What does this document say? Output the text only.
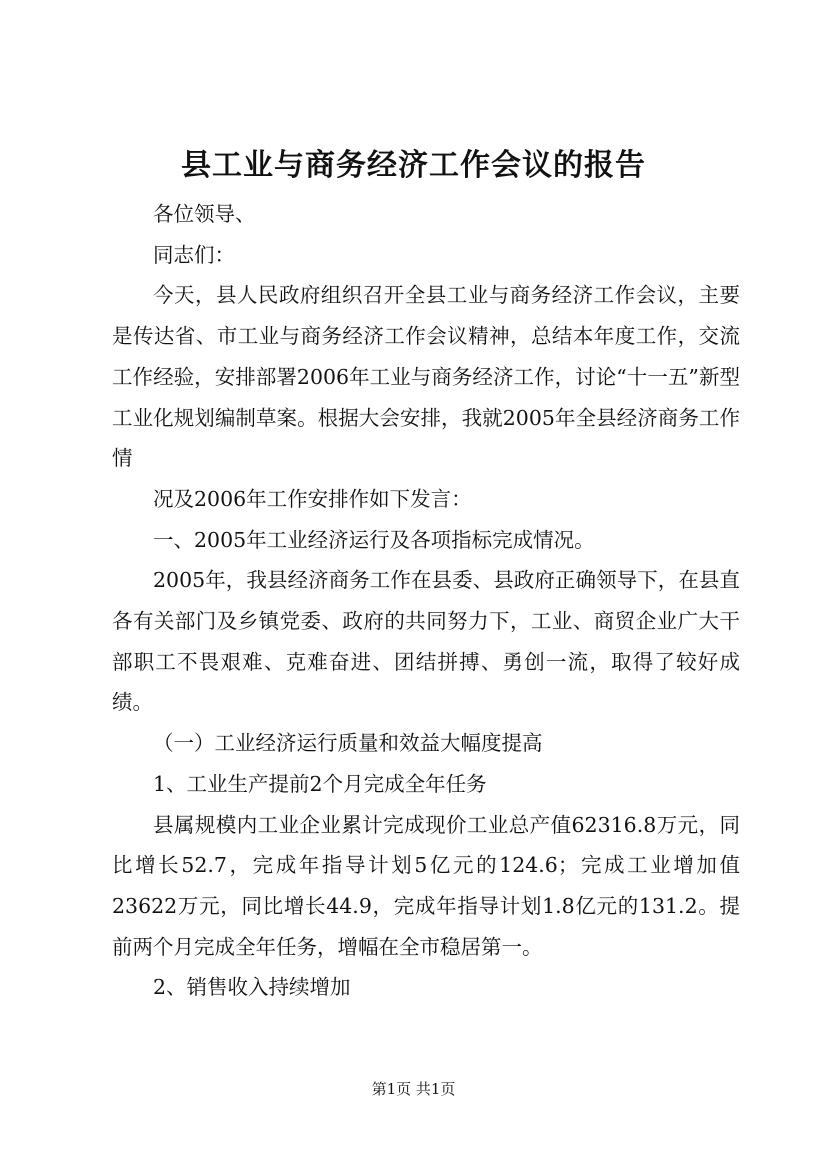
县工业与商务经济工作会议的报告

各位领导、

同志们：

今天，县人民政府组织召开全县工业与商务经济工作会议，主要是传达省、市工业与商务经济工作会议精神，总结本年度工作，交流工作经验，安排部署2006年工业与商务经济工作，讨论“十一五”新型工业化规划编制草案。根据大会安排，我就2005年全县经济商务工作情

况及2006年工作安排作如下发言：

一、2005年工业经济运行及各项指标完成情况。

2005年，我县经济商务工作在县委、县政府正确领导下，在县直各有关部门及乡镇党委、政府的共同努力下，工业、商贸企业广大干部职工不畏艰难、克难奋进、团结拼搏、勇创一流，取得了较好成绩。

（一）工业经济运行质量和效益大幅度提高

1、工业生产提前2个月完成全年任务

县属规模内工业企业累计完成现价工业总产值62316.8万元，同比增长52.7，完成年指导计划5亿元的124.6；完成工业增加值23622万元，同比增长44.9，完成年指导计划1.8亿元的131.2。提前两个月完成全年任务，增幅在全市稳居第一。

2、销售收入持续增加

第1页 共1页
